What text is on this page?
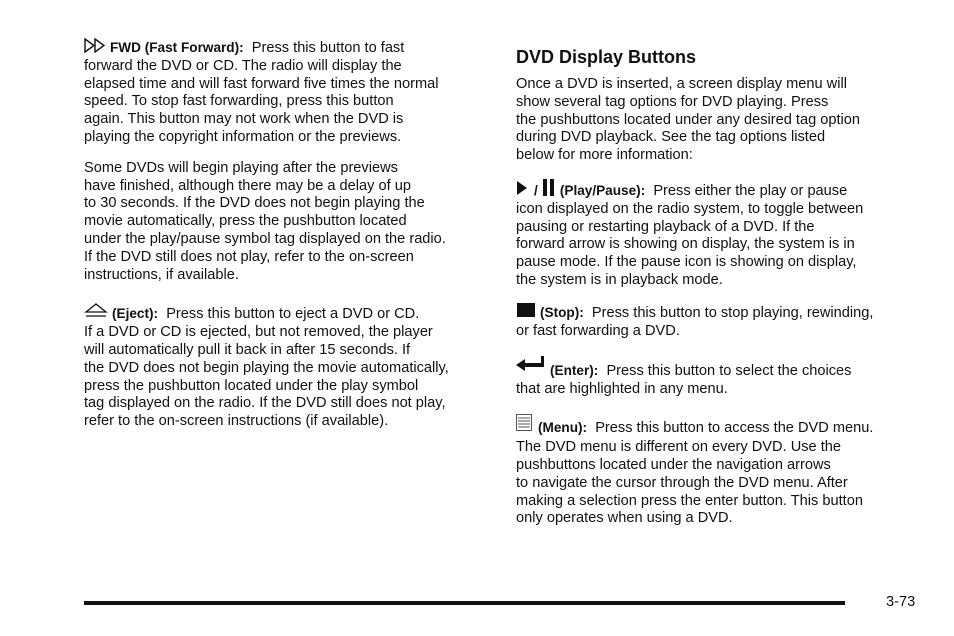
FWD (Fast Forward): Press this button to fast
forward the DVD or CD. The radio will display the
elapsed time and will fast forward five times the normal
speed. To stop fast forwarding, press this button
again. This button may not work when the DVD is
playing the copyright information or the previews.
Some DVDs will begin playing after the previews
have finished, although there may be a delay of up
to 30 seconds. If the DVD does not begin playing the
movie automatically, press the pushbutton located
under the play/pause symbol tag displayed on the radio.
If the DVD still does not play, refer to the on-screen
instructions, if available.
(Eject): Press this button to eject a DVD or CD.
If a DVD or CD is ejected, but not removed, the player
will automatically pull it back in after 15 seconds. If
the DVD does not begin playing the movie automatically,
press the pushbutton located under the play symbol
tag displayed on the radio. If the DVD still does not play,
refer to the on-screen instructions (if available).
DVD Display Buttons
Once a DVD is inserted, a screen display menu will
show several tag options for DVD playing. Press
the pushbuttons located under any desired tag option
during DVD playback. See the tag options listed
below for more information:
/ (Play/Pause): Press either the play or pause
icon displayed on the radio system, to toggle between
pausing or restarting playback of a DVD. If the
forward arrow is showing on display, the system is in
pause mode. If the pause icon is showing on display,
the system is in playback mode.
(Stop): Press this button to stop playing, rewinding,
or fast forwarding a DVD.
(Enter): Press this button to select the choices
that are highlighted in any menu.
(Menu): Press this button to access the DVD menu.
The DVD menu is different on every DVD. Use the
pushbuttons located under the navigation arrows
to navigate the cursor through the DVD menu. After
making a selection press the enter button. This button
only operates when using a DVD.
3-73
